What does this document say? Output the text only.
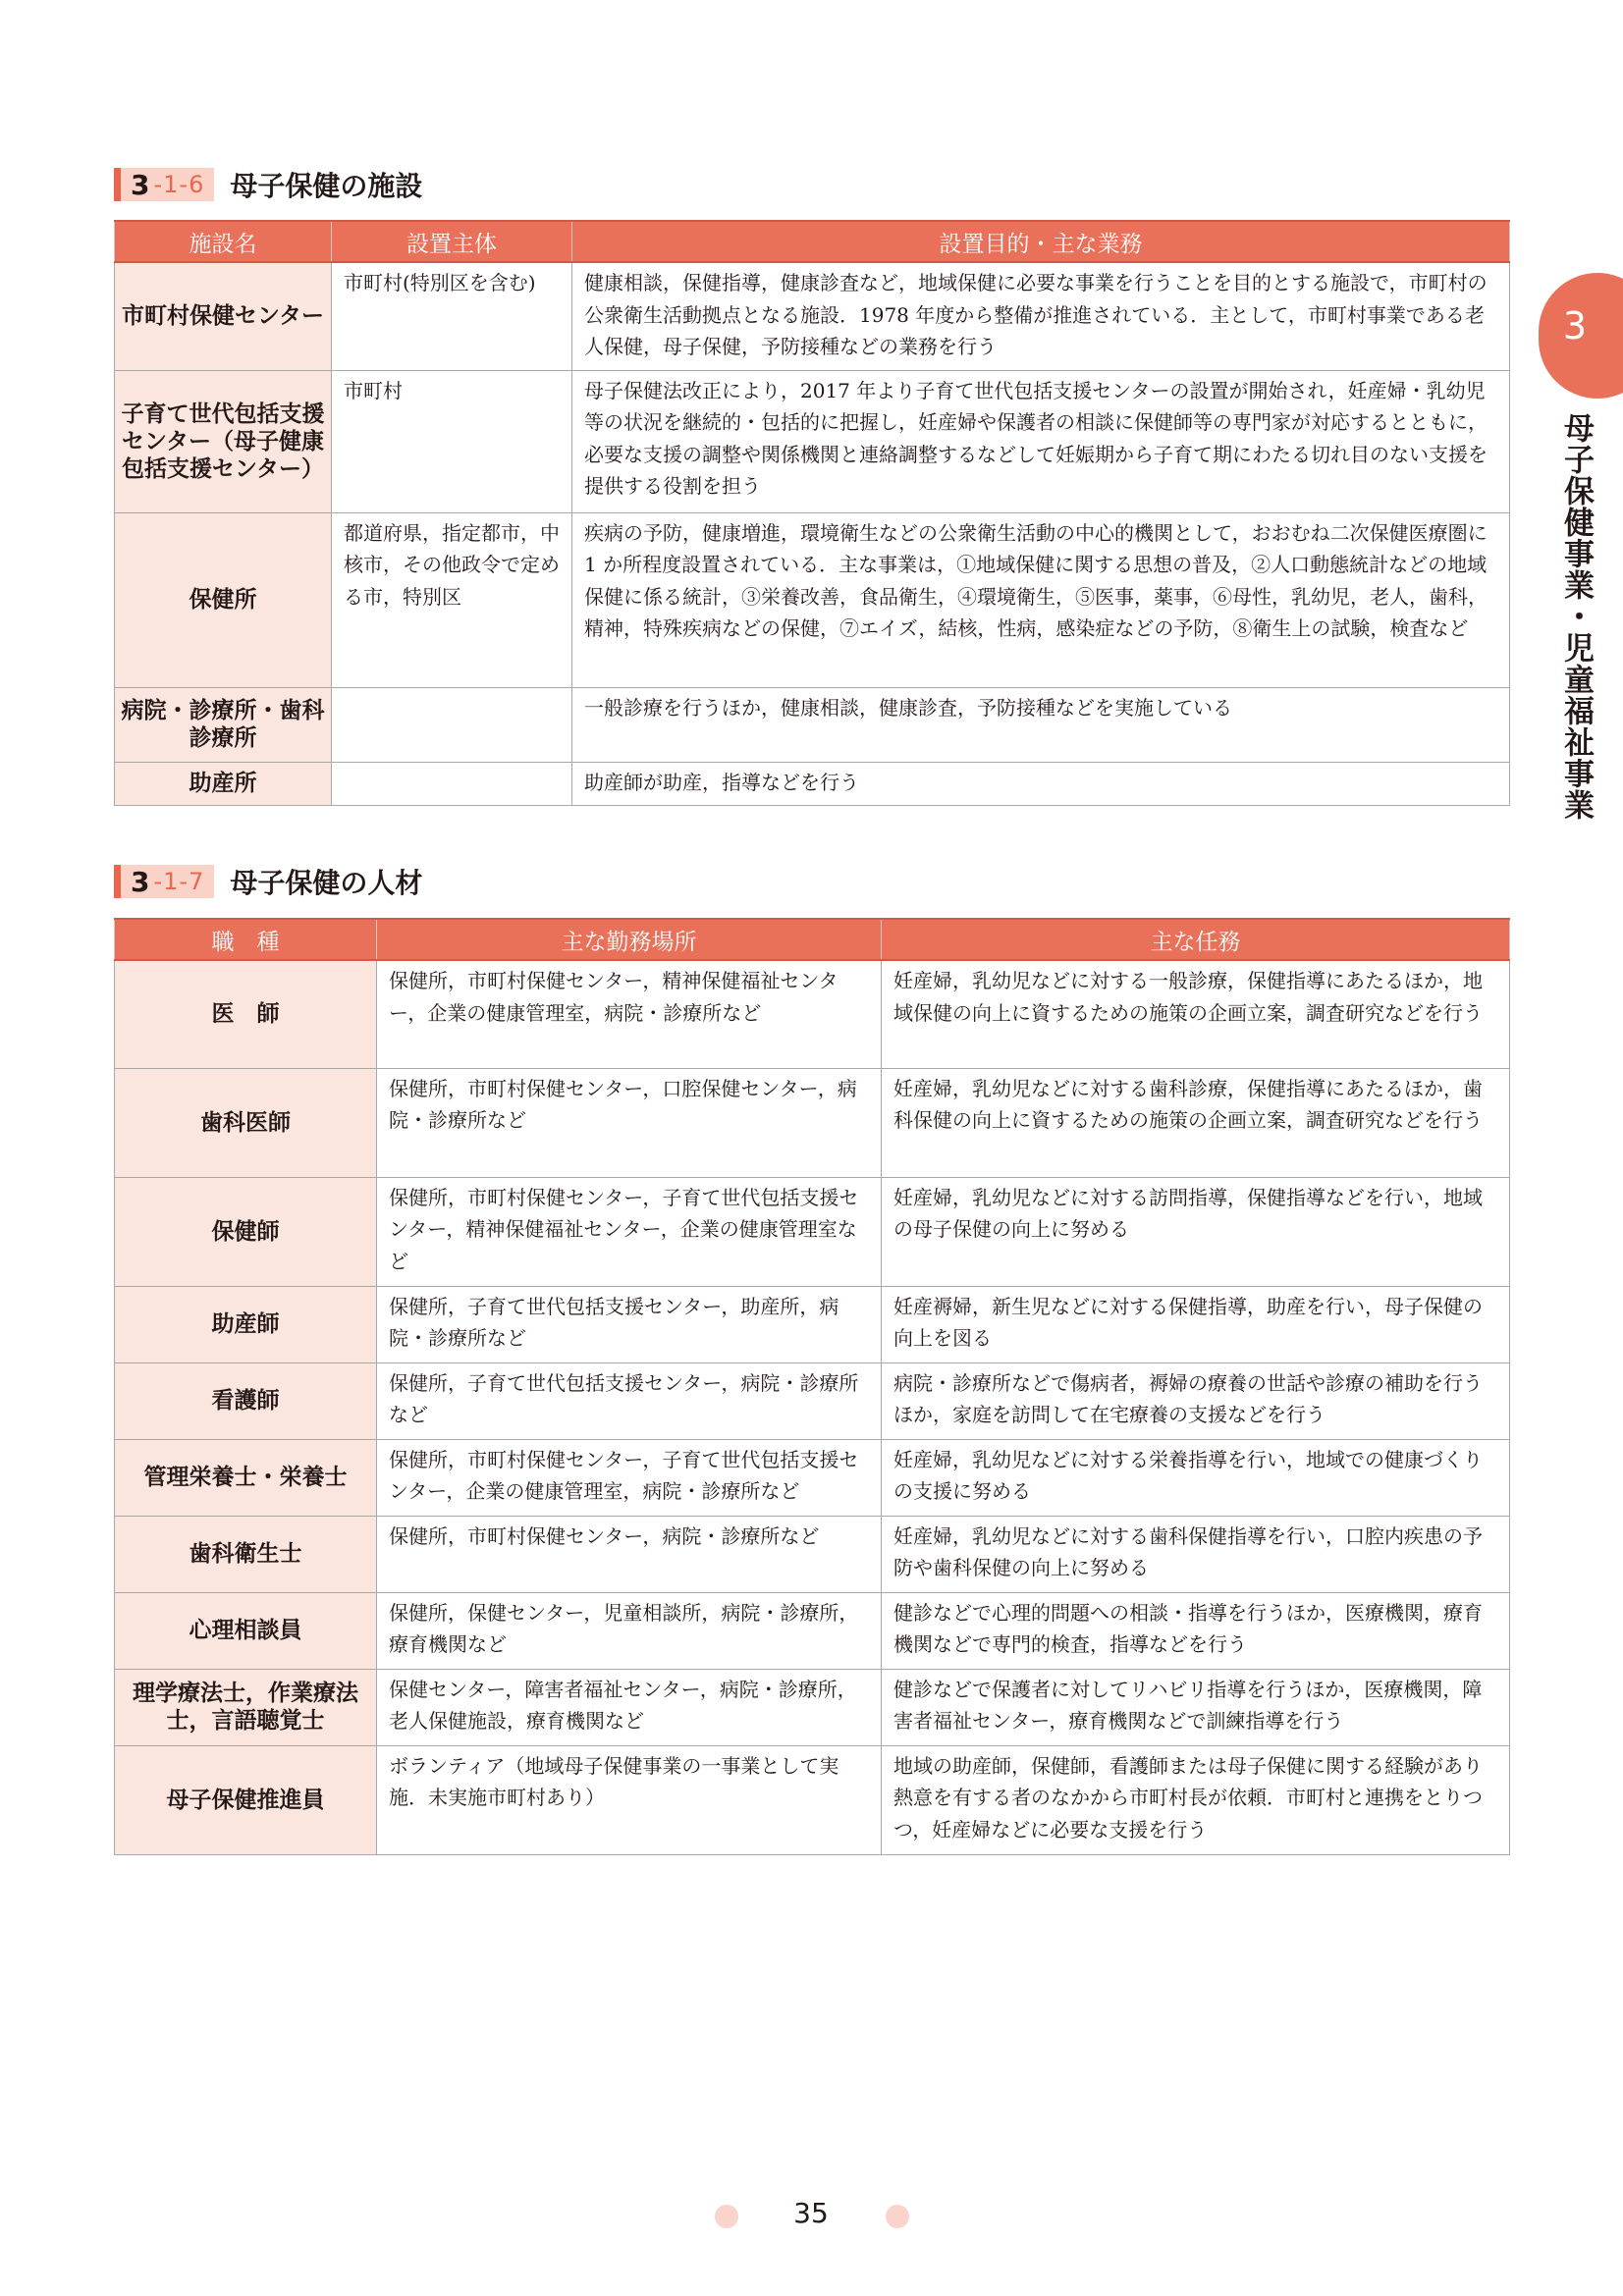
3 -1-6 母子保健の施設
施設名	設置主体	設置目的・主な業務
市町村保健センター	市町村(特別区を含む)	健康相談，保健指導，健康診査など，地域保健に必要な事業を行うことを目的とする施設で，市町村の公衆衛生活動拠点となる施設．1978 年度から整備が推進されている．主として，市町村事業である老人保健，母子保健，予防接種などの業務を行う
子育て世代包括支援センター（母子健康包括支援センター）	市町村	母子保健法改正により，2017 年より子育て世代包括支援センターの設置が開始され，妊産婦・乳幼児等の状況を継続的・包括的に把握し，妊産婦や保護者の相談に保健師等の専門家が対応するとともに，必要な支援の調整や関係機関と連絡調整するなどして妊娠期から子育て期にわたる切れ目のない支援を提供する役割を担う
保健所	都道府県，指定都市，中核市，その他政令で定める市，特別区	疾病の予防，健康増進，環境衛生などの公衆衛生活動の中心的機関として，おおむね二次保健医療圏に 1 か所程度設置されている．主な事業は，①地域保健に関する思想の普及，②人口動態統計などの地域保健に係る統計，③栄養改善，食品衛生，④環境衛生，⑤医事，薬事，⑥母性，乳幼児，老人，歯科，精神，特殊疾病などの保健，⑦エイズ，結核，性病，感染症などの予防，⑧衛生上の試験，検査など
病院・診療所・歯科診療所		一般診療を行うほか，健康相談，健康診査，予防接種などを実施している
助産所		助産師が助産，指導などを行う
3 -1-7 母子保健の人材
職　種	主な勤務場所	主な任務
医　師	保健所，市町村保健センター，精神保健福祉センター，企業の健康管理室，病院・診療所など	妊産婦，乳幼児などに対する一般診療，保健指導にあたるほか，地域保健の向上に資するための施策の企画立案，調査研究などを行う
歯科医師	保健所，市町村保健センター，口腔保健センター，病院・診療所など	妊産婦，乳幼児などに対する歯科診療，保健指導にあたるほか，歯科保健の向上に資するための施策の企画立案，調査研究などを行う
保健師	保健所，市町村保健センター，子育て世代包括支援センター，精神保健福祉センター，企業の健康管理室など	妊産婦，乳幼児などに対する訪問指導，保健指導などを行い，地域の母子保健の向上に努める
助産師	保健所，子育て世代包括支援センター，助産所，病院・診療所など	妊産褥婦，新生児などに対する保健指導，助産を行い，母子保健の向上を図る
看護師	保健所，子育て世代包括支援センター，病院・診療所など	病院・診療所などで傷病者，褥婦の療養の世話や診療の補助を行うほか，家庭を訪問して在宅療養の支援などを行う
管理栄養士・栄養士	保健所，市町村保健センター，子育て世代包括支援センター，企業の健康管理室，病院・診療所など	妊産婦，乳幼児などに対する栄養指導を行い，地域での健康づくりの支援に努める
歯科衛生士	保健所，市町村保健センター，病院・診療所など	妊産婦，乳幼児などに対する歯科保健指導を行い，口腔内疾患の予防や歯科保健の向上に努める
心理相談員	保健所，保健センター，児童相談所，病院・診療所，療育機関など	健診などで心理的問題への相談・指導を行うほか，医療機関，療育機関などで専門的検査，指導などを行う
理学療法士，作業療法士，言語聴覚士	保健センター，障害者福祉センター，病院・診療所，老人保健施設，療育機関など	健診などで保護者に対してリハビリ指導を行うほか，医療機関，障害者福祉センター，療育機関などで訓練指導を行う
母子保健推進員	ボランティア（地域母子保健事業の一事業として実施．未実施市町村あり）	地域の助産師，保健師，看護師または母子保健に関する経験があり熱意を有する者のなかから市町村長が依頼．市町村と連携をとりつつ，妊産婦などに必要な支援を行う
3
母子保健事業・児童福祉事業
35
